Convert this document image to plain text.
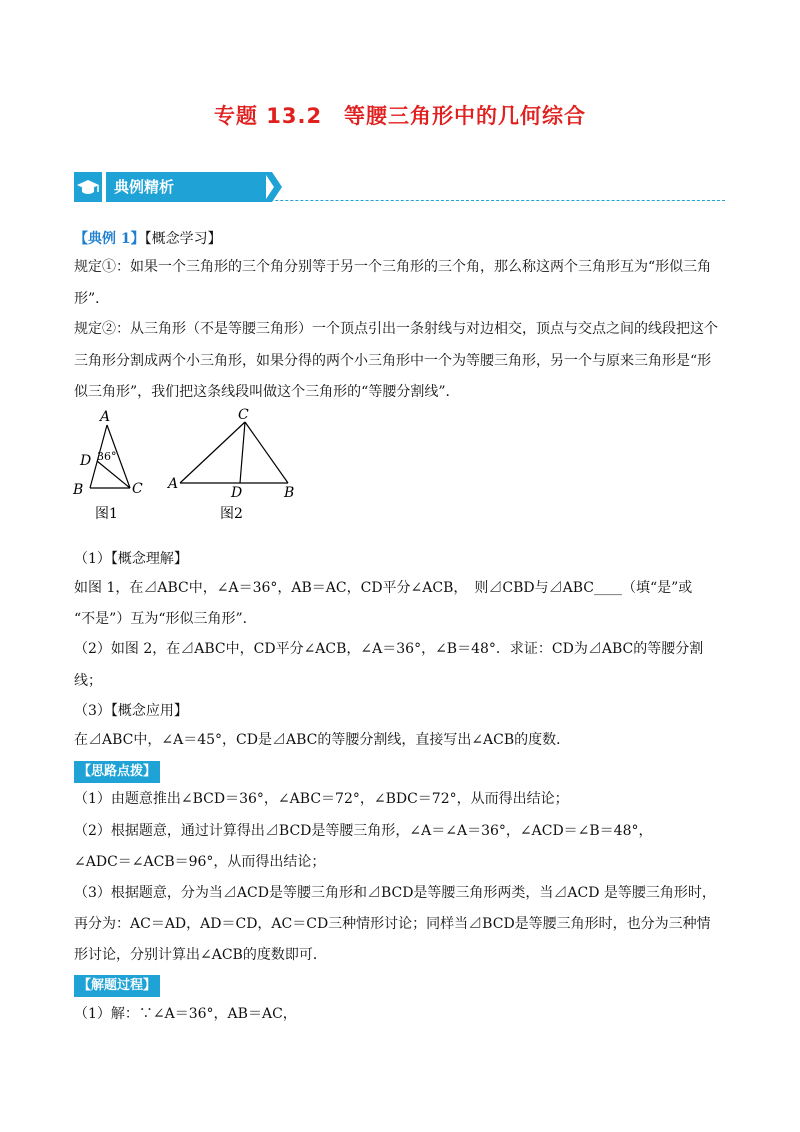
专题 13.2　等腰三角形中的几何综合
典例精析
【典例 1】【概念学习】
规定①：如果一个三角形的三个角分别等于另一个三角形的三个角，那么称这两个三角形互为“形似三角
形”．
规定②：从三角形（不是等腰三角形）一个顶点引出一条射线与对边相交，顶点与交点之间的线段把这个
三角形分割成两个小三角形，如果分得的两个小三角形中一个为等腰三角形，另一个与原来三角形是“形
似三角形”，我们把这条线段叫做这个三角形的“等腰分割线”．
A
D 36°
B	C
图1
C
A
D	B
图2
（1）【概念理解】
如图 1，在⊿ABC中，∠A＝36°，AB＝AC，CD平分∠ACB，　则⊿CBD与⊿ABC____（填“是”或
“不是”）互为“形似三角形”．
（2）如图 2，在⊿ABC中，CD平分∠ACB，∠A＝36°，∠B＝48°．求证：CD为⊿ABC的等腰分割
线；
（3）【概念应用】
在⊿ABC中，∠A＝45°，CD是⊿ABC的等腰分割线，直接写出∠ACB的度数．
【思路点拨】
（1）由题意推出∠BCD＝36°，∠ABC＝72°，∠BDC＝72°，从而得出结论；
（2）根据题意，通过计算得出⊿BCD是等腰三角形，∠A＝∠A＝36°，∠ACD＝∠B＝48°，
∠ADC＝∠ACB＝96°，从而得出结论；
（3）根据题意，分为当⊿ACD是等腰三角形和⊿BCD是等腰三角形两类，当⊿ACD 是等腰三角形时，
再分为：AC＝AD，AD＝CD，AC＝CD三种情形讨论；同样当⊿BCD是等腰三角形时，也分为三种情
形讨论，分别计算出∠ACB的度数即可．
【解题过程】
（1）解：∵∠A＝36°，AB＝AC，
